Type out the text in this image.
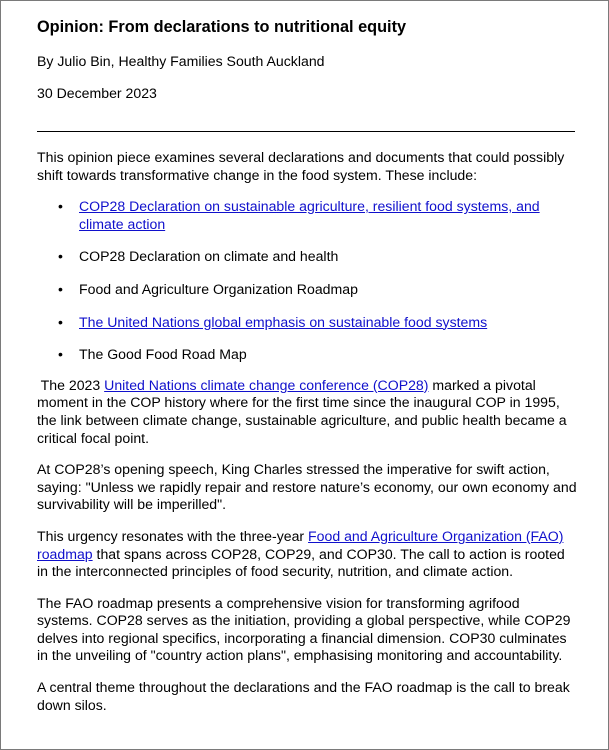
Opinion: From declarations to nutritional equity

By Julio Bin, Healthy Families South Auckland

30 December 2023

This opinion piece examines several declarations and documents that could possibly shift towards transformative change in the food system. These include:

• COP28 Declaration on sustainable agriculture, resilient food systems, and climate action
• COP28 Declaration on climate and health
• Food and Agriculture Organization Roadmap
• The United Nations global emphasis on sustainable food systems
• The Good Food Road Map

The 2023 United Nations climate change conference (COP28) marked a pivotal moment in the COP history where for the first time since the inaugural COP in 1995, the link between climate change, sustainable agriculture, and public health became a critical focal point.

At COP28’s opening speech, King Charles stressed the imperative for swift action, saying: "Unless we rapidly repair and restore nature’s economy, our own economy and survivability will be imperilled".

This urgency resonates with the three-year Food and Agriculture Organization (FAO) roadmap that spans across COP28, COP29, and COP30. The call to action is rooted in the interconnected principles of food security, nutrition, and climate action.

The FAO roadmap presents a comprehensive vision for transforming agrifood systems. COP28 serves as the initiation, providing a global perspective, while COP29 delves into regional specifics, incorporating a financial dimension. COP30 culminates in the unveiling of "country action plans", emphasising monitoring and accountability.

A central theme throughout the declarations and the FAO roadmap is the call to break down silos.
